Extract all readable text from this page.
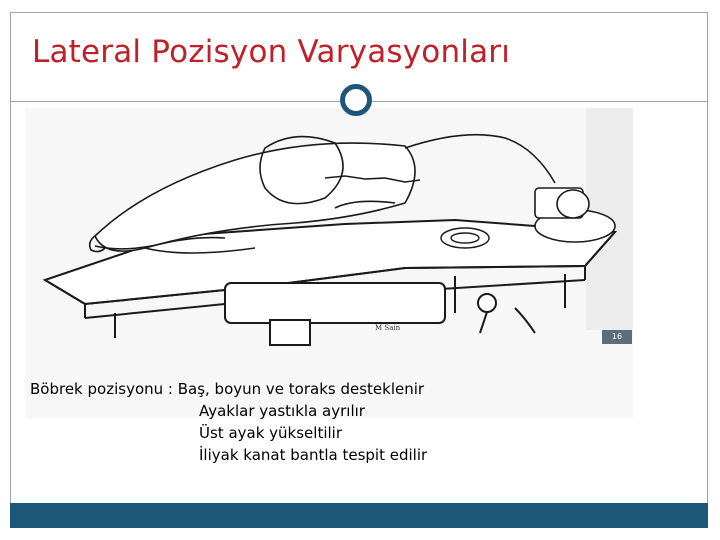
Lateral Pozisyon Varyasyonları
M Sain
16
Böbrek pozisyonu : Baş, boyun ve toraks desteklenir
Ayaklar yastıkla ayrılır
Üst ayak yükseltilir
İliyak kanat bantla tespit edilir
